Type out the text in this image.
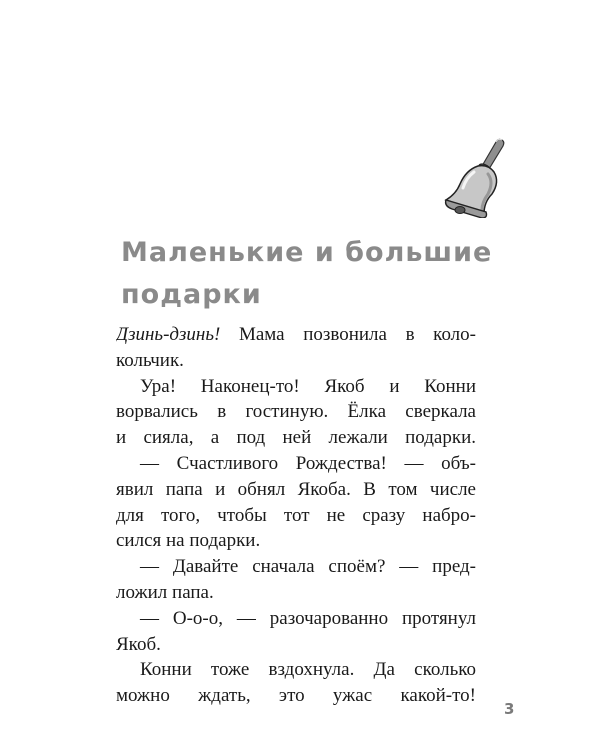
Маленькие и большие
подарки
Дзинь-дзинь! Мама позвонила в коло-
кольчик.
Ура! Наконец-то! Якоб и Конни
ворвались в гостиную. Ёлка сверкала
и сияла, а под ней лежали подарки.
— Счастливого Рождества! — объ-
явил папа и обнял Якоба. В том числе
для того, чтобы тот не сразу набро-
сился на подарки.
— Давайте сначала споём? — пред-
ложил папа.
— О-о-о, — разочарованно протянул
Якоб.
Конни тоже вздохнула. Да сколько
можно ждать, это ужас какой-то!
3
